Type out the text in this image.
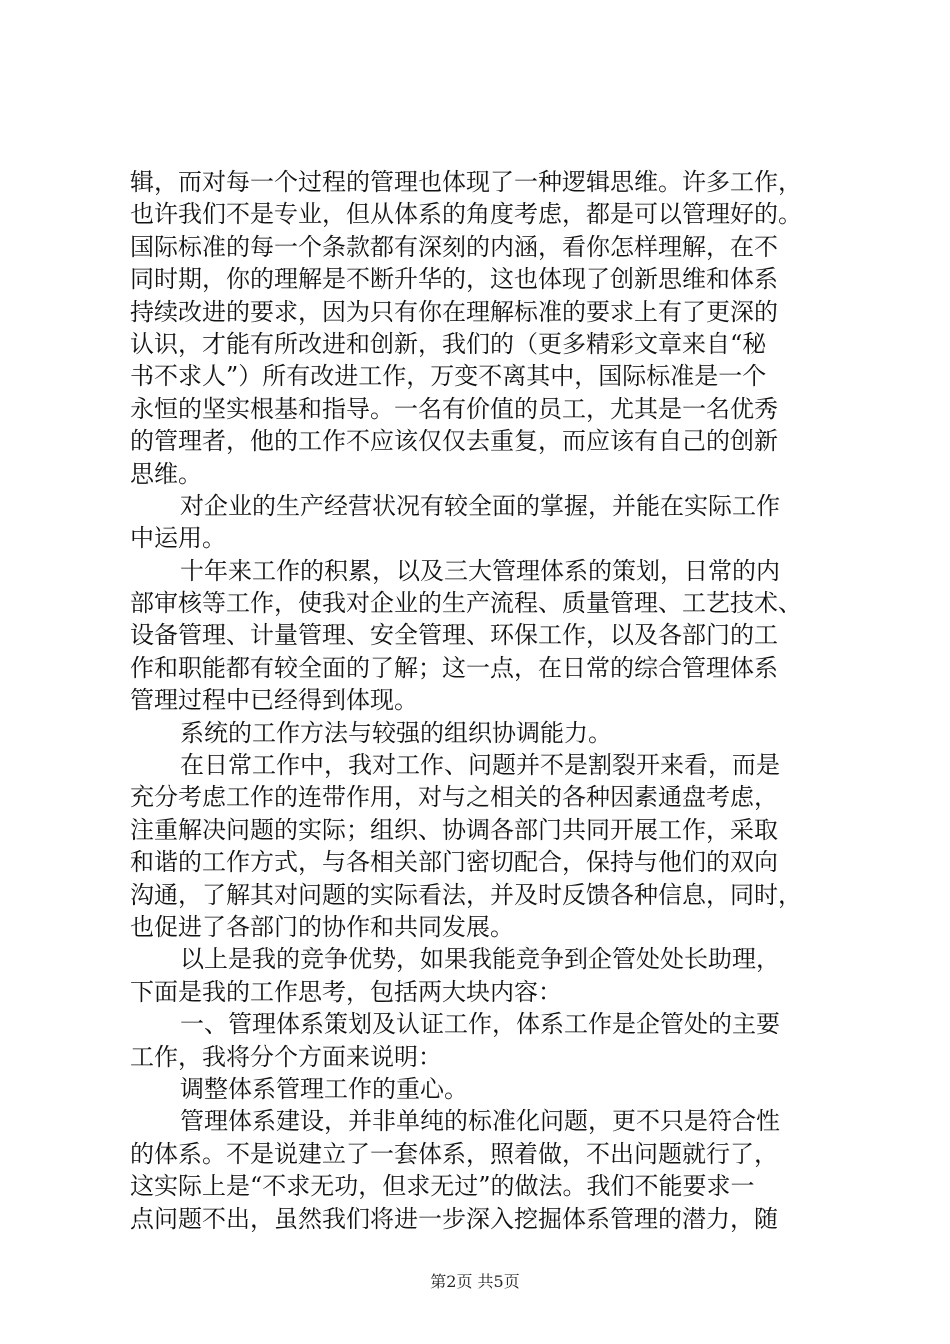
辑，而对每一个过程的管理也体现了一种逻辑思维。许多工作，
也许我们不是专业，但从体系的角度考虑，都是可以管理好的。
国际标准的每一个条款都有深刻的内涵，看你怎样理解，在不
同时期，你的理解是不断升华的，这也体现了创新思维和体系
持续改进的要求，因为只有你在理解标准的要求上有了更深的
认识，才能有所改进和创新，我们的（更多精彩文章来自“秘
书不求人”）所有改进工作，万变不离其中，国际标准是一个
永恒的坚实根基和指导。一名有价值的员工，尤其是一名优秀
的管理者，他的工作不应该仅仅去重复，而应该有自己的创新
思维。
对企业的生产经营状况有较全面的掌握，并能在实际工作
中运用。
十年来工作的积累，以及三大管理体系的策划，日常的内
部审核等工作，使我对企业的生产流程、质量管理、工艺技术、
设备管理、计量管理、安全管理、环保工作，以及各部门的工
作和职能都有较全面的了解；这一点，在日常的综合管理体系
管理过程中已经得到体现。
系统的工作方法与较强的组织协调能力。
在日常工作中，我对工作、问题并不是割裂开来看，而是
充分考虑工作的连带作用，对与之相关的各种因素通盘考虑，
注重解决问题的实际；组织、协调各部门共同开展工作，采取
和谐的工作方式，与各相关部门密切配合，保持与他们的双向
沟通，了解其对问题的实际看法，并及时反馈各种信息，同时，
也促进了各部门的协作和共同发展。
以上是我的竞争优势，如果我能竞争到企管处处长助理，
下面是我的工作思考，包括两大块内容：
一、管理体系策划及认证工作，体系工作是企管处的主要
工作，我将分个方面来说明：
调整体系管理工作的重心。
管理体系建设，并非单纯的标准化问题，更不只是符合性
的体系。不是说建立了一套体系，照着做，不出问题就行了，
这实际上是“不求无功，但求无过”的做法。我们不能要求一
点问题不出，虽然我们将进一步深入挖掘体系管理的潜力，随
第2页 共5页
